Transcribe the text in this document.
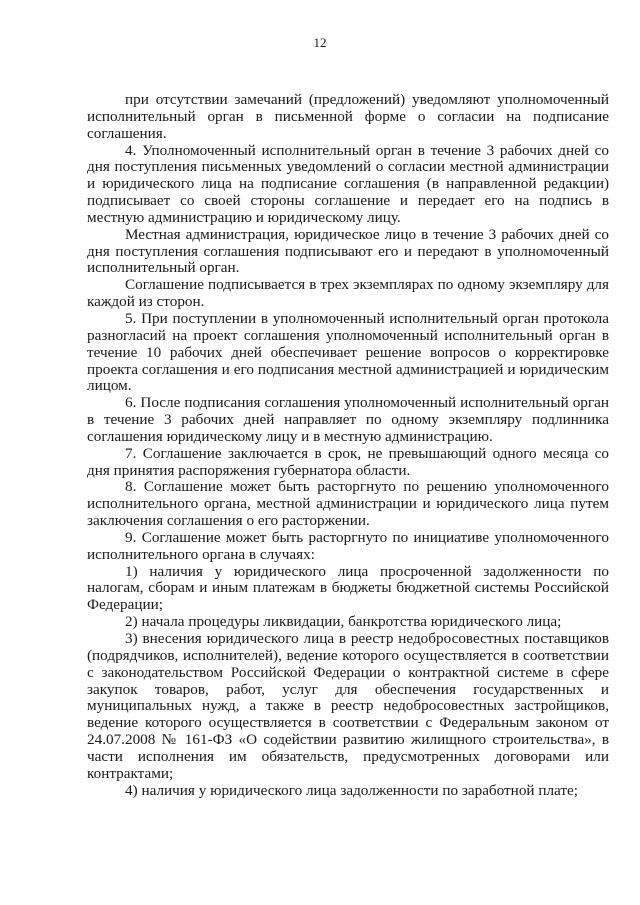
12

при отсутствии замечаний (предложений) уведомляют уполномоченный исполнительный орган в письменной форме о согласии на подписание соглашения.

4. Уполномоченный исполнительный орган в течение 3 рабочих дней со дня поступления письменных уведомлений о согласии местной администрации и юридического лица на подписание соглашения (в направленной редакции) подписывает со своей стороны соглашение и передает его на подпись в местную администрацию и юридическому лицу.

Местная администрация, юридическое лицо в течение 3 рабочих дней со дня поступления соглашения подписывают его и передают в уполномоченный исполнительный орган.

Соглашение подписывается в трех экземплярах по одному экземпляру для каждой из сторон.

5. При поступлении в уполномоченный исполнительный орган протокола разногласий на проект соглашения уполномоченный исполнительный орган в течение 10 рабочих дней обеспечивает решение вопросов о корректировке проекта соглашения и его подписания местной администрацией и юридическим лицом.

6. После подписания соглашения уполномоченный исполнительный орган в течение 3 рабочих дней направляет по одному экземпляру подлинника соглашения юридическому лицу и в местную администрацию.

7. Соглашение заключается в срок, не превышающий одного месяца со дня принятия распоряжения губернатора области.

8. Соглашение может быть расторгнуто по решению уполномоченного исполнительного органа, местной администрации и юридического лица путем заключения соглашения о его расторжении.

9. Соглашение может быть расторгнуто по инициативе уполномоченного исполнительного органа в случаях:

1) наличия у юридического лица просроченной задолженности по налогам, сборам и иным платежам в бюджеты бюджетной системы Российской Федерации;

2) начала процедуры ликвидации, банкротства юридического лица;

3) внесения юридического лица в реестр недобросовестных поставщиков (подрядчиков, исполнителей), ведение которого осуществляется в соответствии с законодательством Российской Федерации о контрактной системе в сфере закупок товаров, работ, услуг для обеспечения государственных и муниципальных нужд, а также в реестр недобросовестных застройщиков, ведение которого осуществляется в соответствии с Федеральным законом от 24.07.2008 № 161-ФЗ «О содействии развитию жилищного строительства», в части исполнения им обязательств, предусмотренных договорами или контрактами;

4) наличия у юридического лица задолженности по заработной плате;
